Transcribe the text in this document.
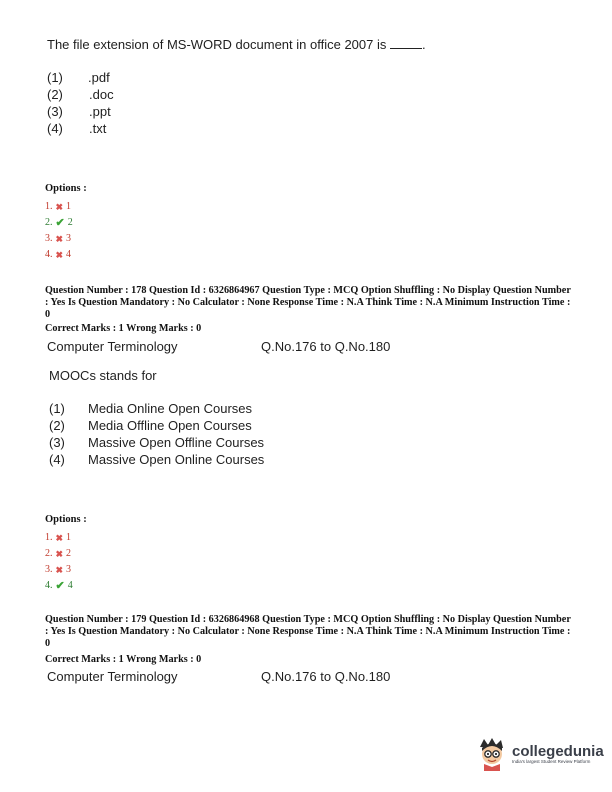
The file extension of MS-WORD document in office 2007 is	.
(1)	.pdf
(2)	.doc
(3)	.ppt
(4)	.txt
Options :
1. ✖ 1
2. ✔ 2
3. ✖ 3
4. ✖ 4
Question Number : 178 Question Id : 6326864967 Question Type : MCQ Option Shuffling : No Display Question Number : Yes Is Question Mandatory : No Calculator : None Response Time : N.A Think Time : N.A Minimum Instruction Time : 0
Correct Marks : 1 Wrong Marks : 0
Computer Terminology	Q.No.176 to Q.No.180
MOOCs stands for
(1)	Media Online Open Courses
(2)	Media Offline Open Courses
(3)	Massive Open Offline Courses
(4)	Massive Open Online Courses
Options :
1. ✖ 1
2. ✖ 2
3. ✖ 3
4. ✔ 4
Question Number : 179 Question Id : 6326864968 Question Type : MCQ Option Shuffling : No Display Question Number : Yes Is Question Mandatory : No Calculator : None Response Time : N.A Think Time : N.A Minimum Instruction Time : 0
Correct Marks : 1 Wrong Marks : 0
Computer Terminology	Q.No.176 to Q.No.180
collegedunia
India's largest Student Review Platform
